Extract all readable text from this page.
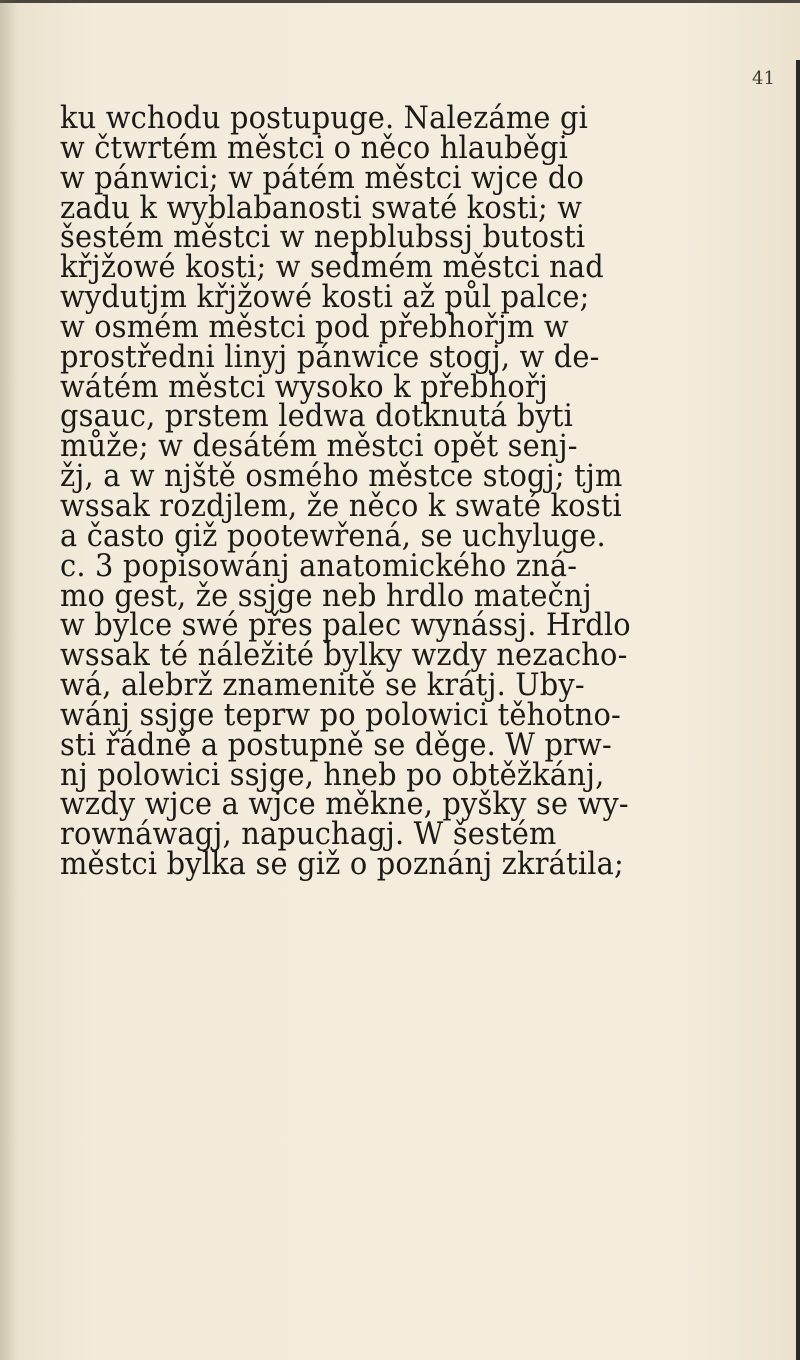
41
ku wchodu postupuge. Nalezáme gi
w čtwrtém městci o něco hlauběgi
w pánwici; w pátém městci wjce do
zadu k wyblabanosti swaté kosti; w
šestém městci w nepblubssj butosti
křjžowé kosti; w sedmém městci nad
wydutjm křjžowé kosti až půl palce;
w osmém městci pod přebhořjm w
prostředni linyj pánwice stogj, w de-
wátém městci wysoko k přebhořj
gsauc, prstem ledwa dotknutá byti
může; w desátém městci opět senj-
žj, a w njště osmého městce stogj; tjm
wssak rozdjlem, že něco k swaté kosti
a často giž pootewřená, se uchyluge.
c. 3 popisowánj anatomického zná-
mo gest, že ssjge neb hrdlo matečnj
w bylce swé přes palec wynássj. Hrdlo
wssak té náležité bylky wzdy nezacho-
wá, alebrž znamenitě se krátj. Uby-
wánj ssjge teprw po polowici těhotno-
sti řádně a postupně se děge. W prw-
nj polowici ssjge, hneb po obtěžkánj,
wzdy wjce a wjce měkne, pyšky se wy-
rownáwagj, napuchagj. W šestém
městci bylka se giž o poznánj zkrátila;
